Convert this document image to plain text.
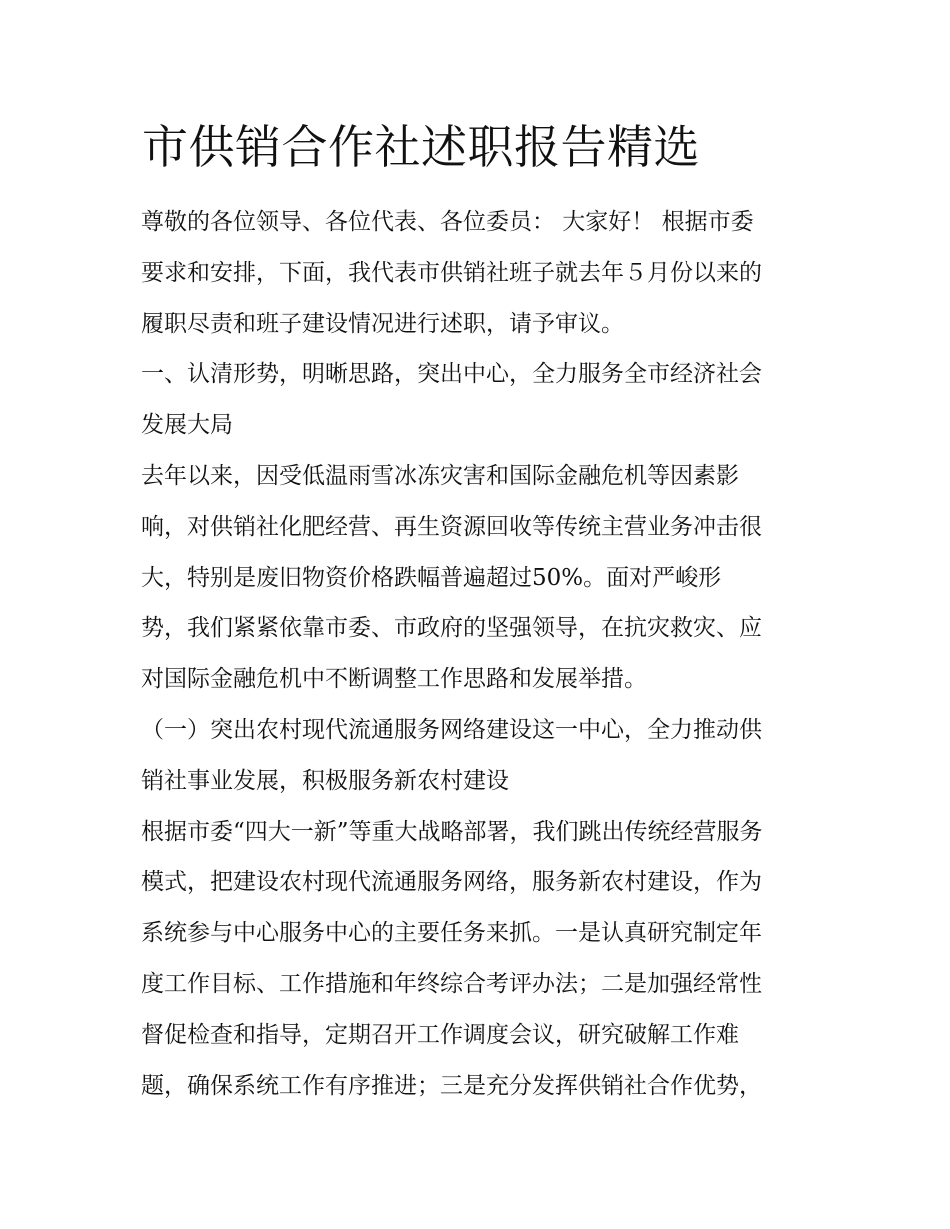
市供销合作社述职报告精选
尊敬的各位领导、各位代表、各位委员： 大家好！ 根据市委
要求和安排，下面，我代表市供销社班子就去年５月份以来的
履职尽责和班子建设情况进行述职，请予审议。
一、认清形势，明晰思路，突出中心，全力服务全市经济社会
发展大局
去年以来，因受低温雨雪冰冻灾害和国际金融危机等因素影
响，对供销社化肥经营、再生资源回收等传统主营业务冲击很
大，特别是废旧物资价格跌幅普遍超过50%。面对严峻形
势，我们紧紧依靠市委、市政府的坚强领导，在抗灾救灾、应
对国际金融危机中不断调整工作思路和发展举措。
（一）突出农村现代流通服务网络建设这一中心，全力推动供
销社事业发展，积极服务新农村建设
根据市委“四大一新”等重大战略部署，我们跳出传统经营服务
模式，把建设农村现代流通服务网络，服务新农村建设，作为
系统参与中心服务中心的主要任务来抓。一是认真研究制定年
度工作目标、工作措施和年终综合考评办法；二是加强经常性
督促检查和指导，定期召开工作调度会议，研究破解工作难
题，确保系统工作有序推进；三是充分发挥供销社合作优势，
